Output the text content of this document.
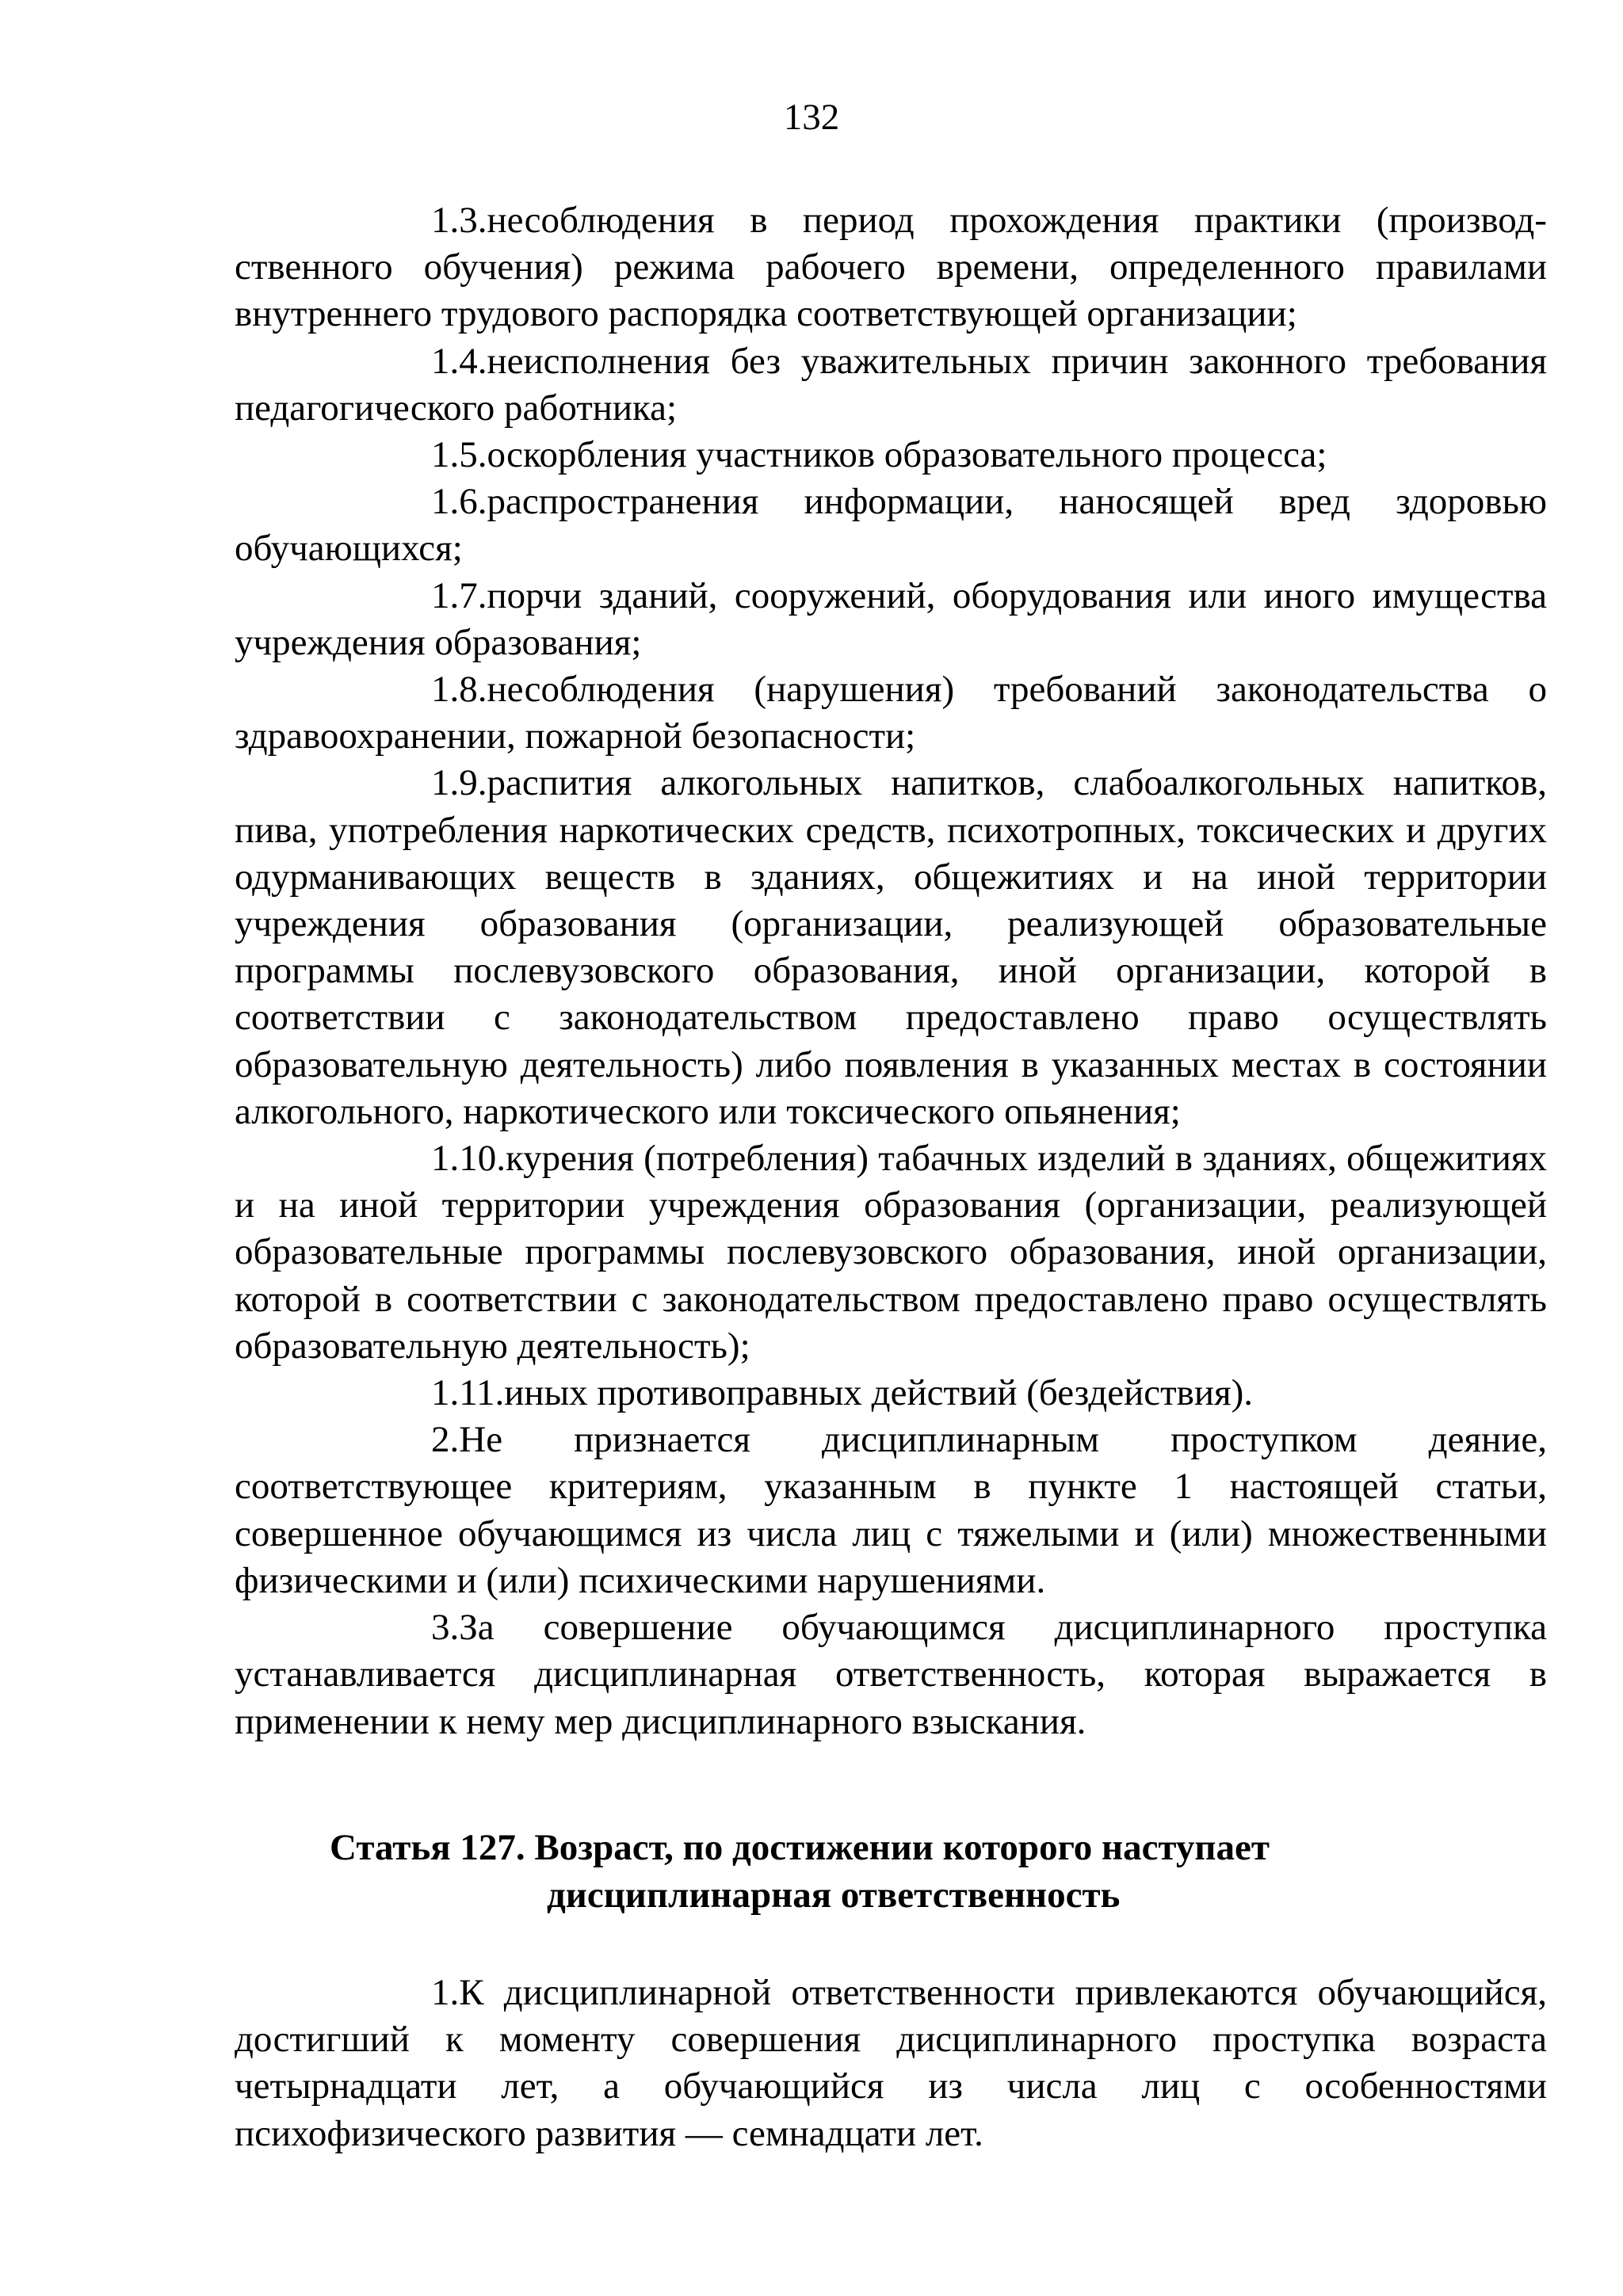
132

1.3.несоблюдения в период прохождения практики (производственного обучения) режима рабочего времени, определенного правилами внутреннего трудового распорядка соответствующей организации;

1.4.неисполнения без уважительных причин законного требования педагогического работника;

1.5.оскорбления участников образовательного процесса;

1.6.распространения информации, наносящей вред здоровью обучающихся;

1.7.порчи зданий, сооружений, оборудования или иного имущества учреждения образования;

1.8.несоблюдения (нарушения) требований законодательства о здравоохранении, пожарной безопасности;

1.9.распития алкогольных напитков, слабоалкогольных напитков, пива, употребления наркотических средств, психотропных, токсических и других одурманивающих веществ в зданиях, общежитиях и на иной территории учреждения образования (организации, реализующей образовательные программы послевузовского образования, иной организации, которой в соответствии с законодательством предоставлено право осуществлять образовательную деятельность) либо появления в указанных местах в состоянии алкогольного, наркотического или токсического опьянения;

1.10.курения (потребления) табачных изделий в зданиях, общежитиях и на иной территории учреждения образования (организации, реализующей образовательные программы послевузовского образования, иной организации, которой в соответствии с законодательством предоставлено право осуществлять образовательную деятельность);

1.11.иных противоправных действий (бездействия).

2.Не признается дисциплинарным проступком деяние, соответствующее критериям, указанным в пункте 1 настоящей статьи, совершенное обучающимся из числа лиц с тяжелыми и (или) множественными физическими и (или) психическими нарушениями.

3.За совершение обучающимся дисциплинарного проступка устанавливается дисциплинарная ответственность, которая выражается в применении к нему мер дисциплинарного взыскания.

Статья 127. Возраст, по достижении которого наступает
дисциплинарная ответственность

1.К дисциплинарной ответственности привлекаются обучающийся, достигший к моменту совершения дисциплинарного проступка возраста четырнадцати лет, а обучающийся из числа лиц с особенностями психофизического развития — семнадцати лет.
